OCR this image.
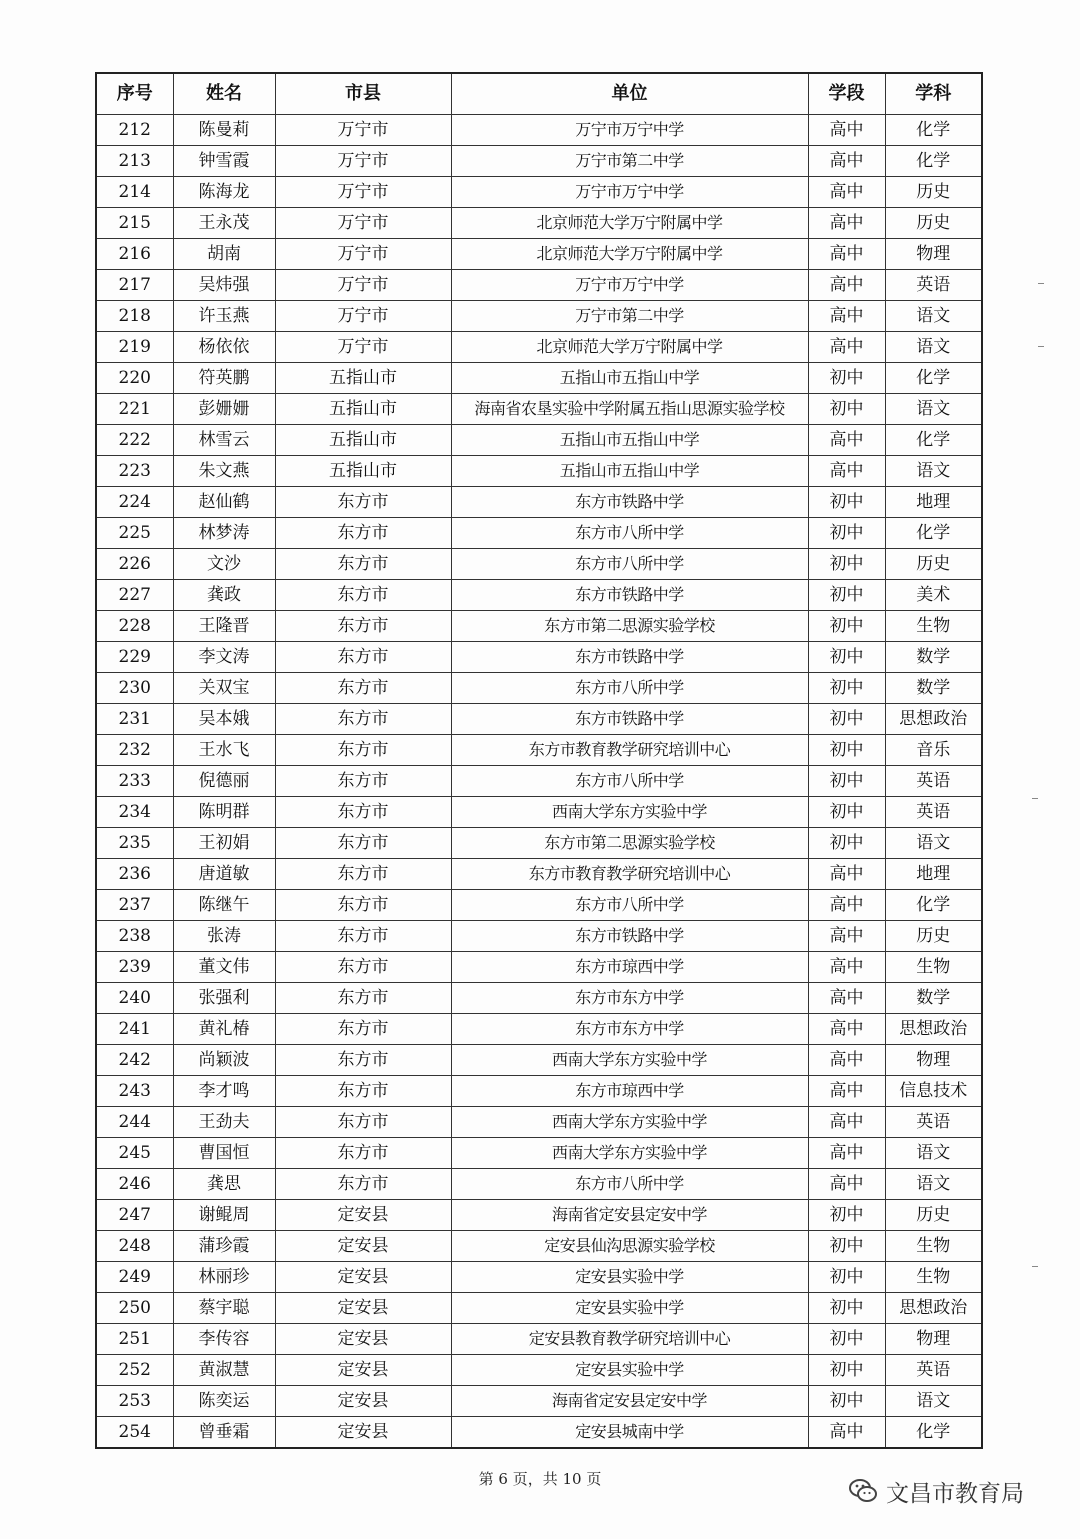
序号	姓名	市县	单位	学段	学科
212	陈曼莉	万宁市	万宁市万宁中学	高中	化学
213	钟雪霞	万宁市	万宁市第二中学	高中	化学
214	陈海龙	万宁市	万宁市万宁中学	高中	历史
215	王永茂	万宁市	北京师范大学万宁附属中学	高中	历史
216	胡南	万宁市	北京师范大学万宁附属中学	高中	物理
217	吴炜强	万宁市	万宁市万宁中学	高中	英语
218	许玉燕	万宁市	万宁市第二中学	高中	语文
219	杨依依	万宁市	北京师范大学万宁附属中学	高中	语文
220	符英鹏	五指山市	五指山市五指山中学	初中	化学
221	彭姗姗	五指山市	海南省农垦实验中学附属五指山思源实验学校	初中	语文
222	林雪云	五指山市	五指山市五指山中学	高中	化学
223	朱文燕	五指山市	五指山市五指山中学	高中	语文
224	赵仙鹤	东方市	东方市铁路中学	初中	地理
225	林梦涛	东方市	东方市八所中学	初中	化学
226	文沙	东方市	东方市八所中学	初中	历史
227	龚政	东方市	东方市铁路中学	初中	美术
228	王隆晋	东方市	东方市第二思源实验学校	初中	生物
229	李文涛	东方市	东方市铁路中学	初中	数学
230	关双宝	东方市	东方市八所中学	初中	数学
231	吴本娥	东方市	东方市铁路中学	初中	思想政治
232	王水飞	东方市	东方市教育教学研究培训中心	初中	音乐
233	倪德丽	东方市	东方市八所中学	初中	英语
234	陈明群	东方市	西南大学东方实验中学	初中	英语
235	王初娟	东方市	东方市第二思源实验学校	初中	语文
236	唐道敏	东方市	东方市教育教学研究培训中心	高中	地理
237	陈继午	东方市	东方市八所中学	高中	化学
238	张涛	东方市	东方市铁路中学	高中	历史
239	董文伟	东方市	东方市琼西中学	高中	生物
240	张强利	东方市	东方市东方中学	高中	数学
241	黄礼椿	东方市	东方市东方中学	高中	思想政治
242	尚颖波	东方市	西南大学东方实验中学	高中	物理
243	李才鸣	东方市	东方市琼西中学	高中	信息技术
244	王劲夫	东方市	西南大学东方实验中学	高中	英语
245	曹国恒	东方市	西南大学东方实验中学	高中	语文
246	龚思	东方市	东方市八所中学	高中	语文
247	谢鲲周	定安县	海南省定安县定安中学	初中	历史
248	蒲珍霞	定安县	定安县仙沟思源实验学校	初中	生物
249	林丽珍	定安县	定安县实验中学	初中	生物
250	蔡宇聪	定安县	定安县实验中学	初中	思想政治
251	李传容	定安县	定安县教育教学研究培训中心	初中	物理
252	黄淑慧	定安县	定安县实验中学	初中	英语
253	陈奕运	定安县	海南省定安县定安中学	初中	语文
254	曾垂霜	定安县	定安县城南中学	高中	化学
第 6 页，共 10 页
文昌市教育局
